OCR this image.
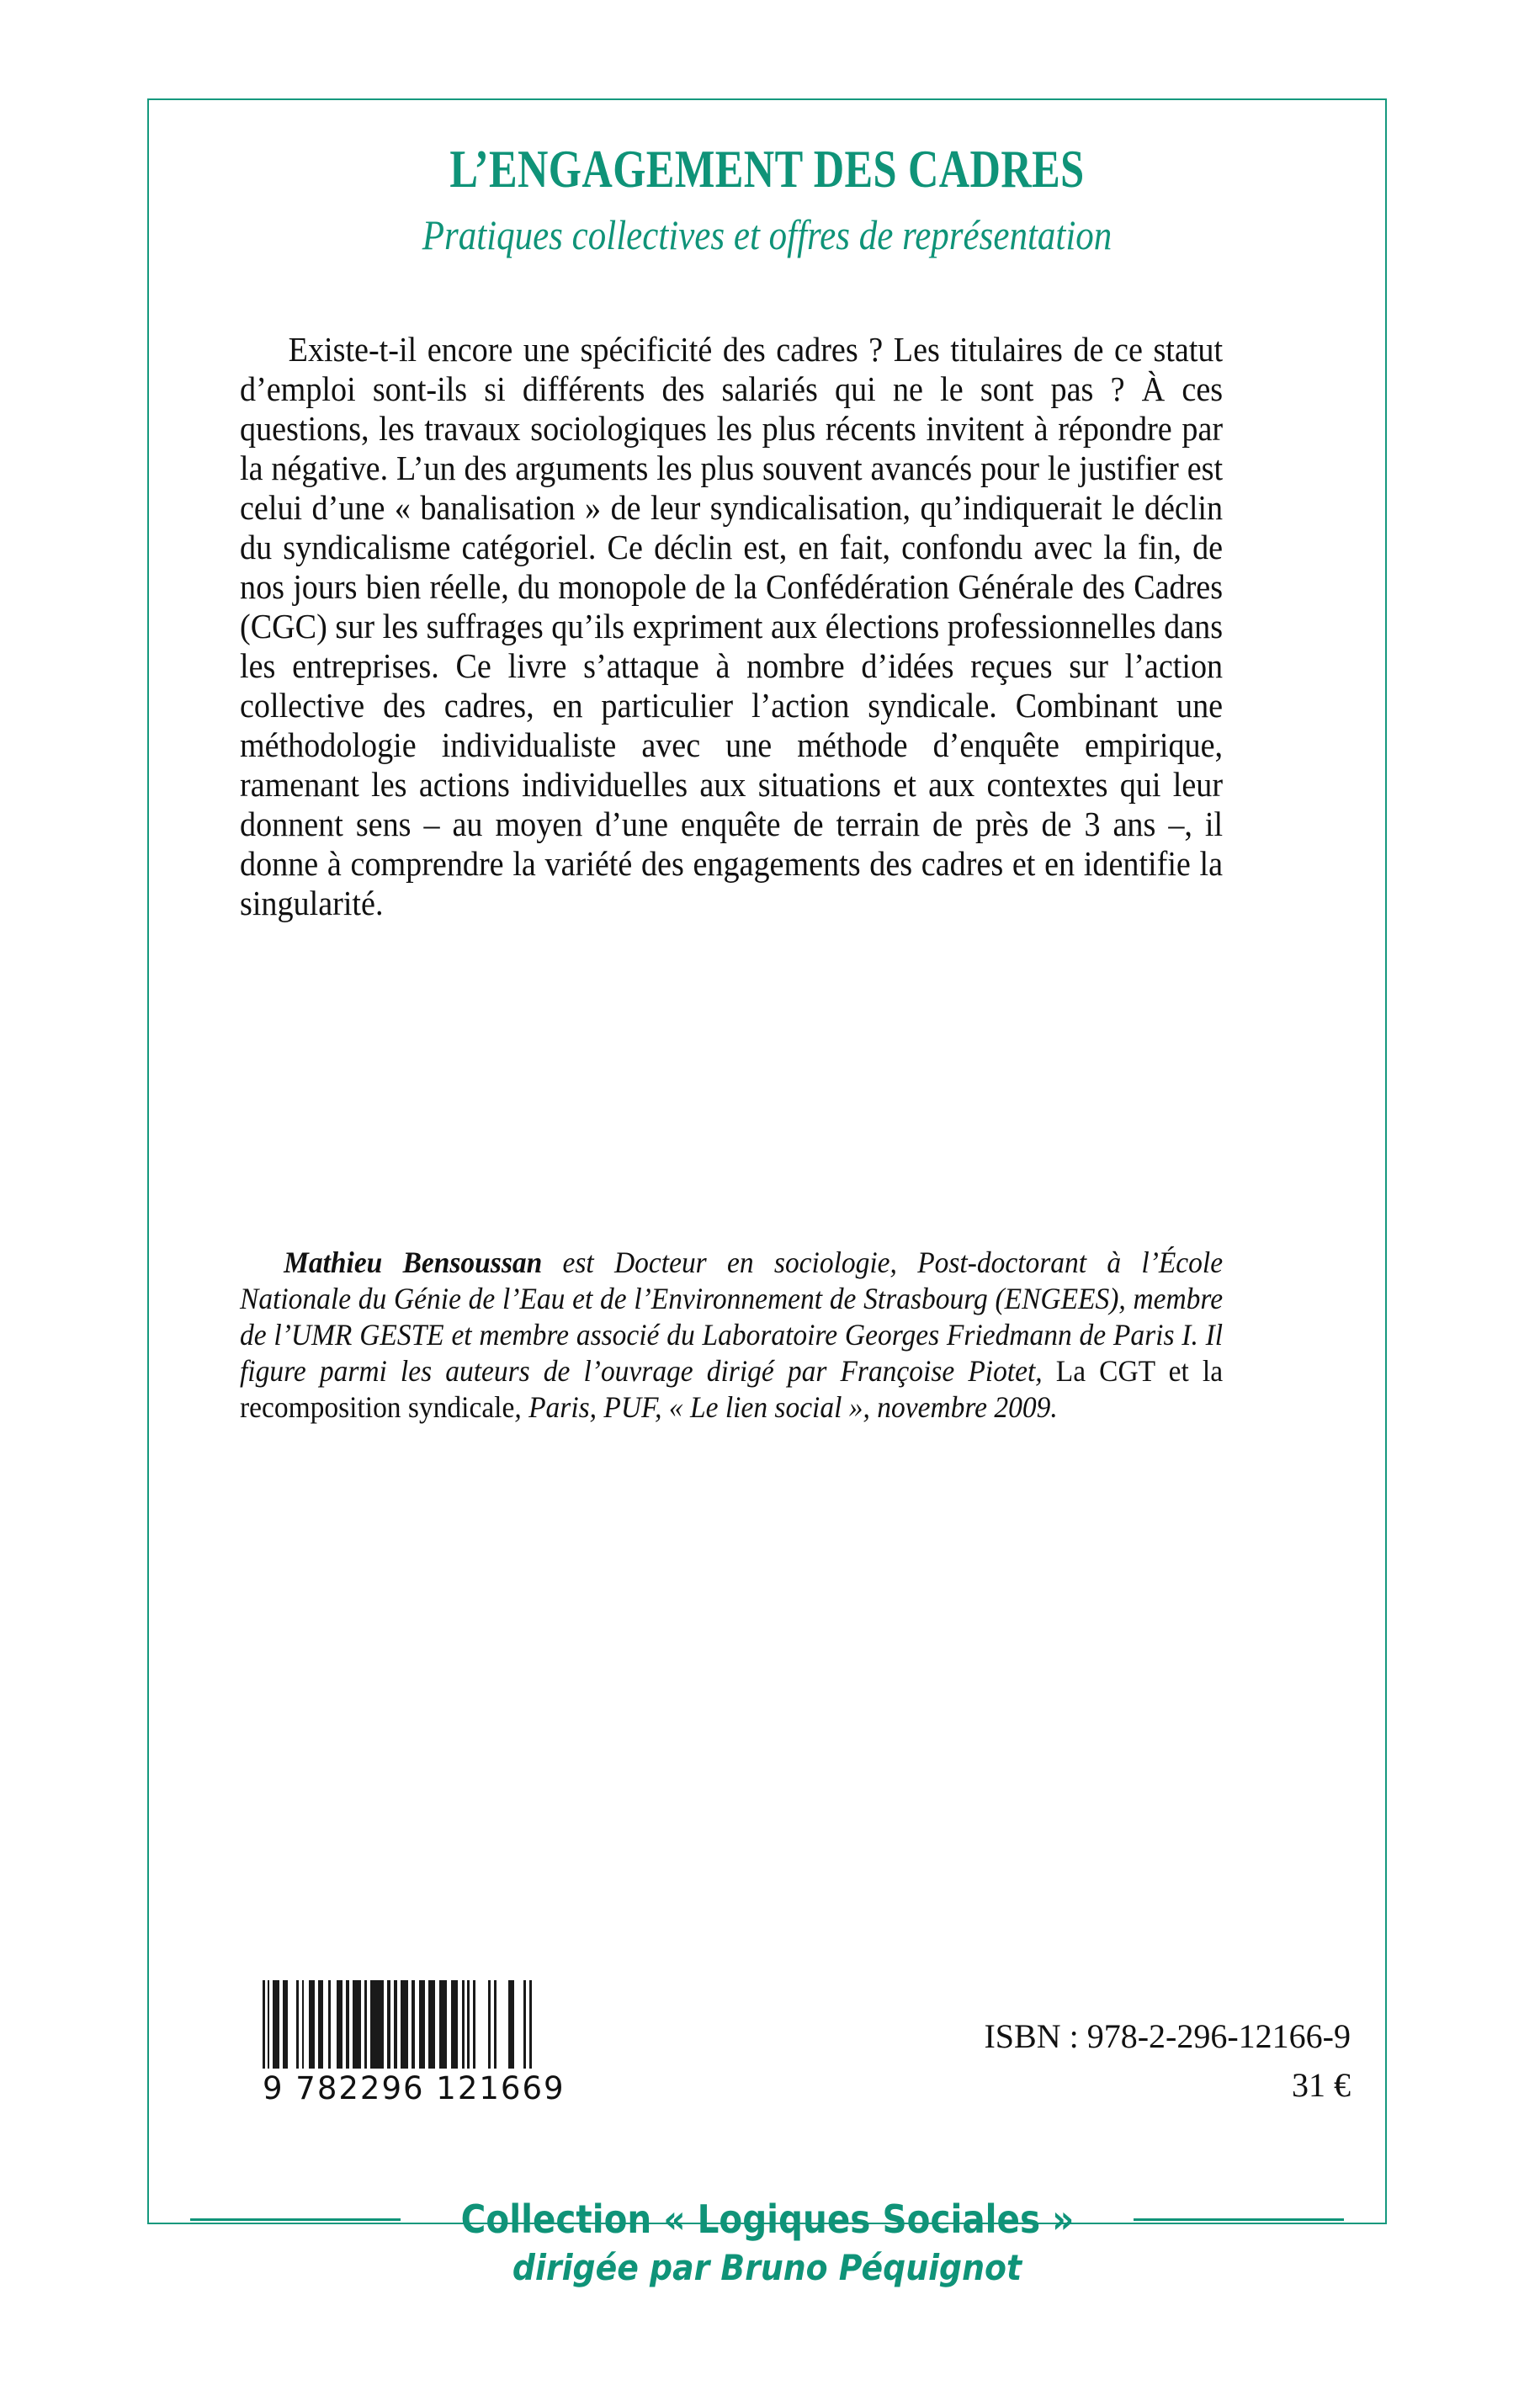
L’ENGAGEMENT DES CADRES
Pratiques collectives et offres de représentation

Existe-t-il encore une spécificité des cadres ? Les titulaires de ce statut d’emploi sont-ils si différents des salariés qui ne le sont pas ? À ces questions, les travaux sociologiques les plus récents invitent à répondre par la négative. L’un des arguments les plus souvent avancés pour le justifier est celui d’une « banalisation » de leur syndicalisation, qu’indiquerait le déclin du syndicalisme catégoriel. Ce déclin est, en fait, confondu avec la fin, de nos jours bien réelle, du monopole de la Confédération Générale des Cadres (CGC) sur les suffrages qu’ils expriment aux élections professionnelles dans les entreprises. Ce livre s’attaque à nombre d’idées reçues sur l’action collective des cadres, en particulier l’action syndicale. Combinant une méthodologie individualiste avec une méthode d’enquête empirique, ramenant les actions individuelles aux situations et aux contextes qui leur donnent sens – au moyen d’une enquête de terrain de près de 3 ans –, il donne à comprendre la variété des engagements des cadres et en identifie la singularité.

Mathieu Bensoussan est Docteur en sociologie, Post-doctorant à l’École Nationale du Génie de l’Eau et de l’Environnement de Strasbourg (ENGEES), membre de l’UMR GESTE et membre associé du Laboratoire Georges Friedmann de Paris I. Il figure parmi les auteurs de l’ouvrage dirigé par Françoise Piotet, La CGT et la recomposition syndicale, Paris, PUF, « Le lien social », novembre 2009.

9 782296 121669
ISBN : 978-2-296-12166-9
31 €
Collection « Logiques Sociales »
dirigée par Bruno Péquignot
